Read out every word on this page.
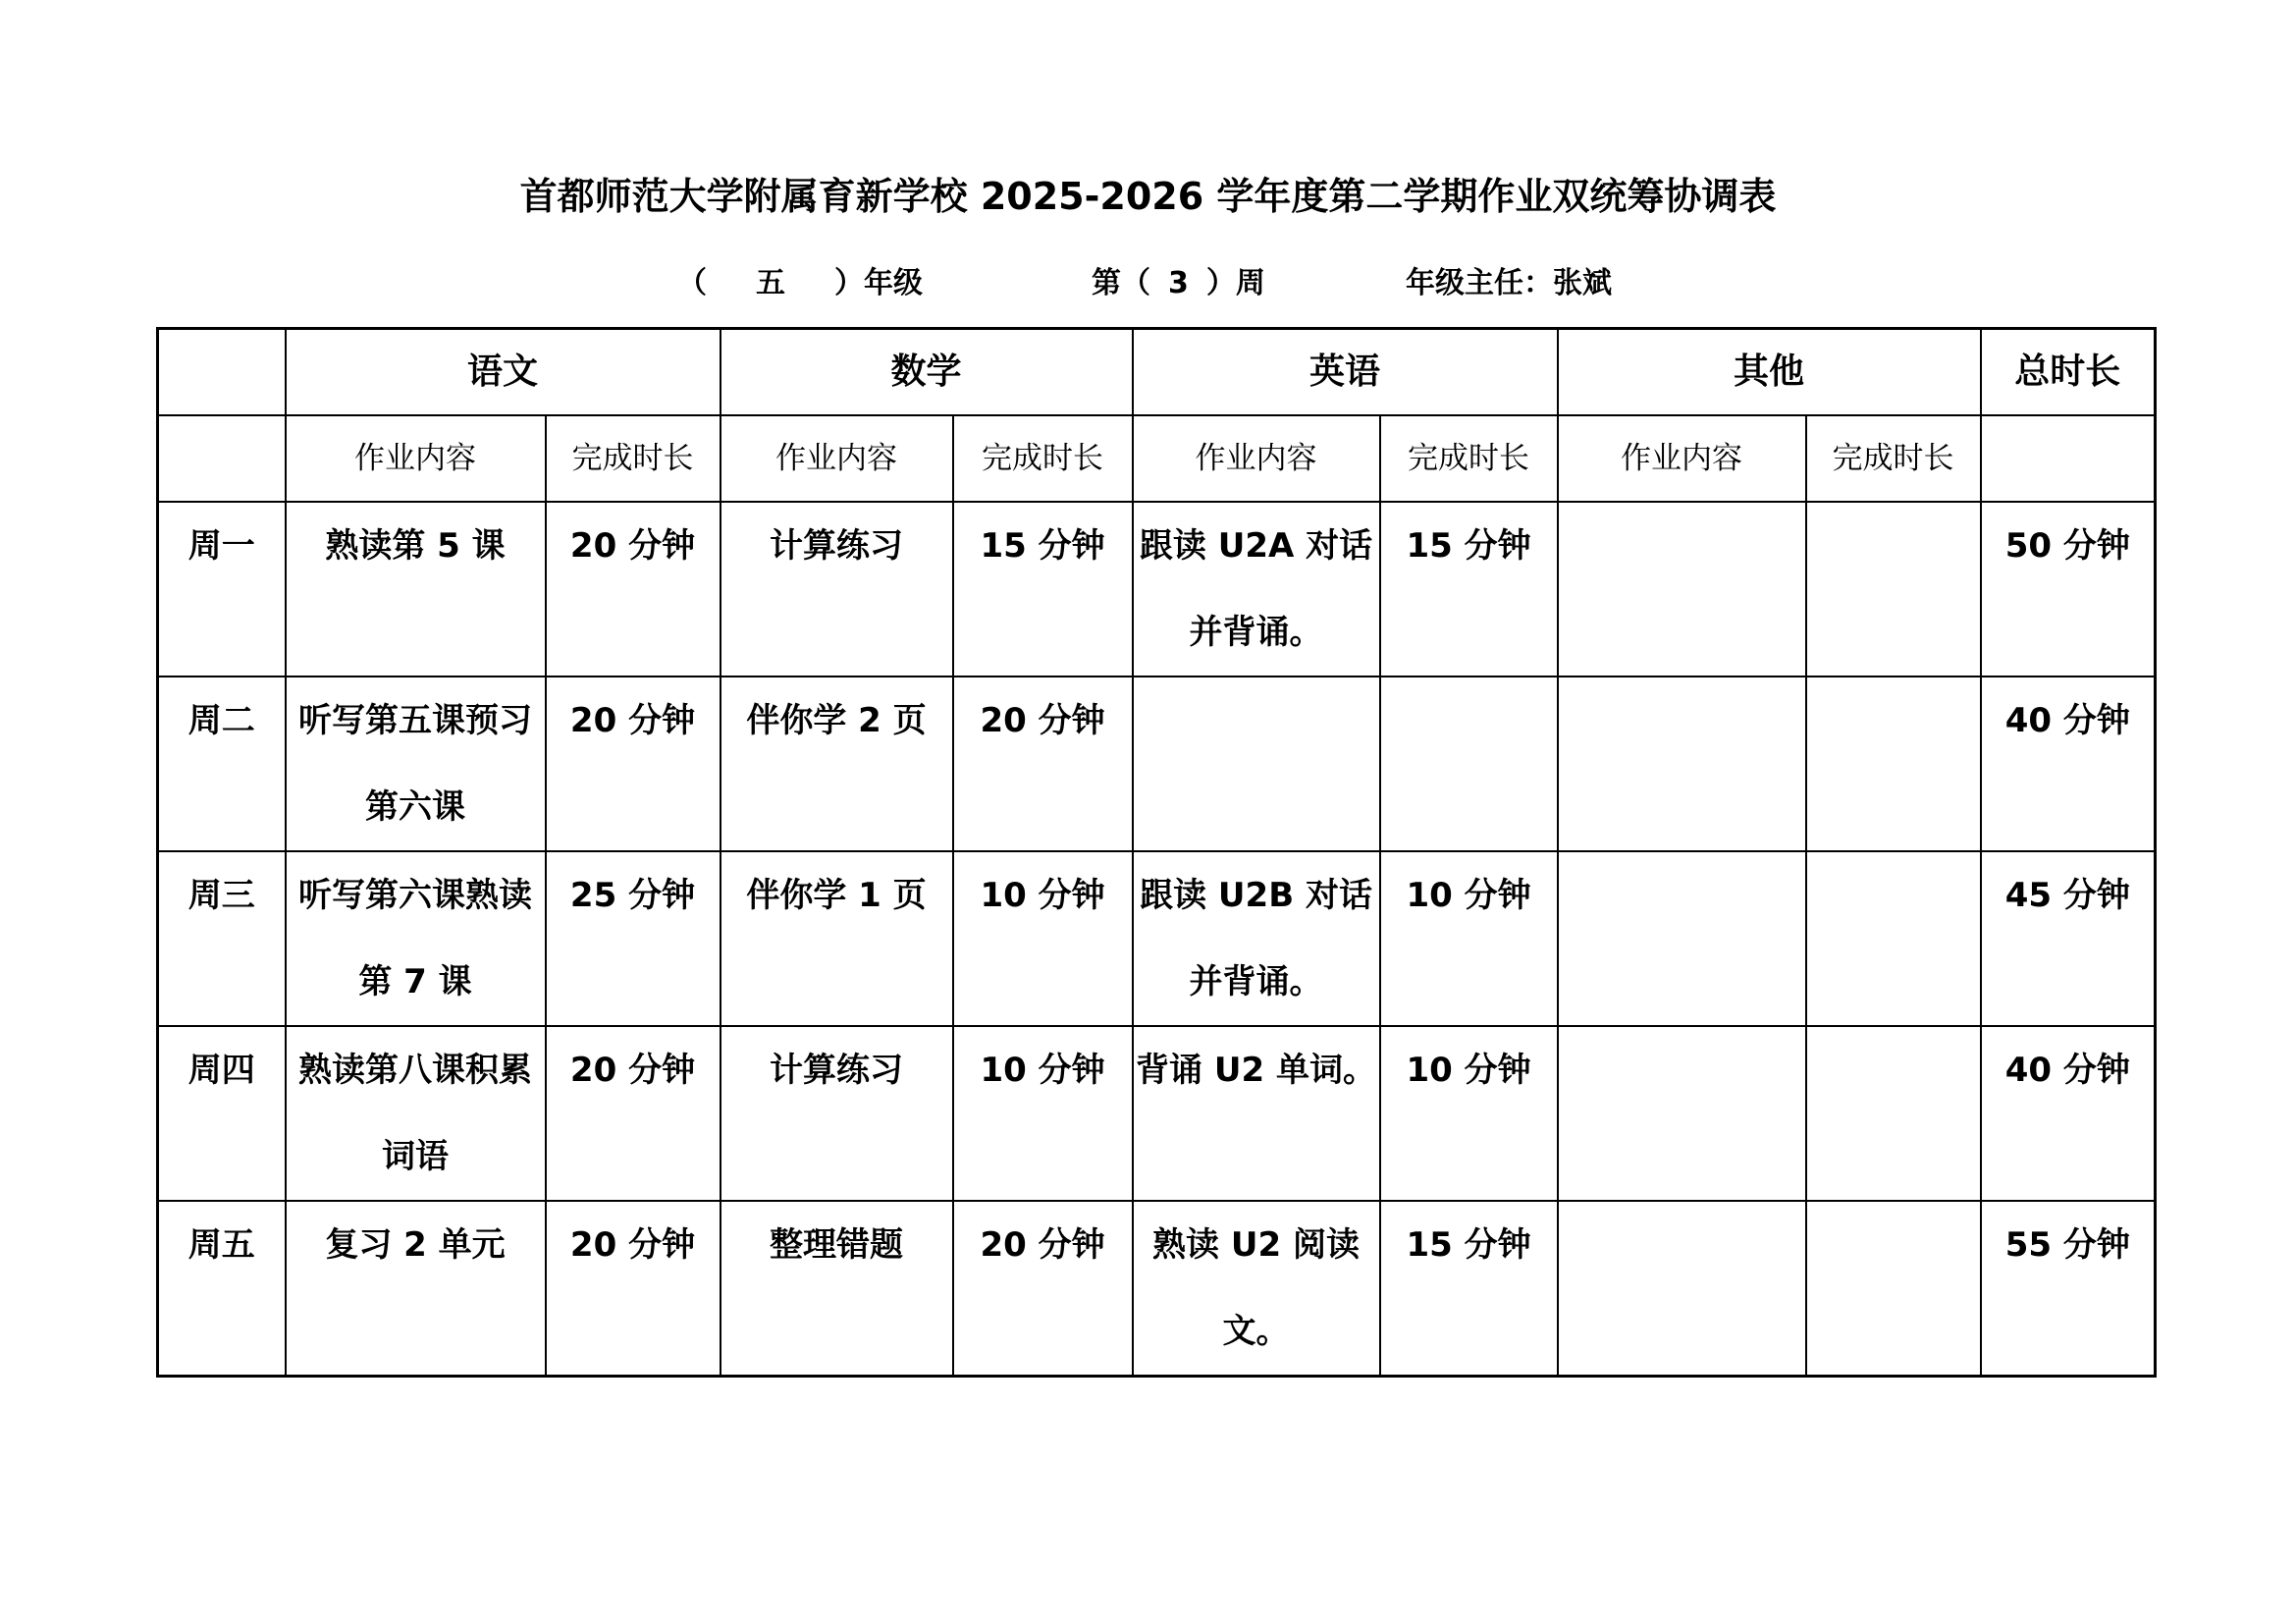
首都师范大学附属育新学校 2025-2026 学年度第二学期作业双统筹协调表
（ 五 ）年级	第（ 3 ）周	年级主任：张斌
	语文		数学		英语		其他		总时长
	作业内容	完成时长	作业内容	完成时长	作业内容	完成时长	作业内容	完成时长	
周一	熟读第 5 课	20 分钟	计算练习	15 分钟	跟读 U2A 对话并背诵。	15 分钟			50 分钟
周二	听写第五课预习第六课	20 分钟	伴你学 2 页	20 分钟					40 分钟
周三	听写第六课熟读第 7 课	25 分钟	伴你学 1 页	10 分钟	跟读 U2B 对话并背诵。	10 分钟			45 分钟
周四	熟读第八课积累词语	20 分钟	计算练习	10 分钟	背诵 U2 单词。	10 分钟			40 分钟
周五	复习 2 单元	20 分钟	整理错题	20 分钟	熟读 U2 阅读文。	15 分钟			55 分钟
